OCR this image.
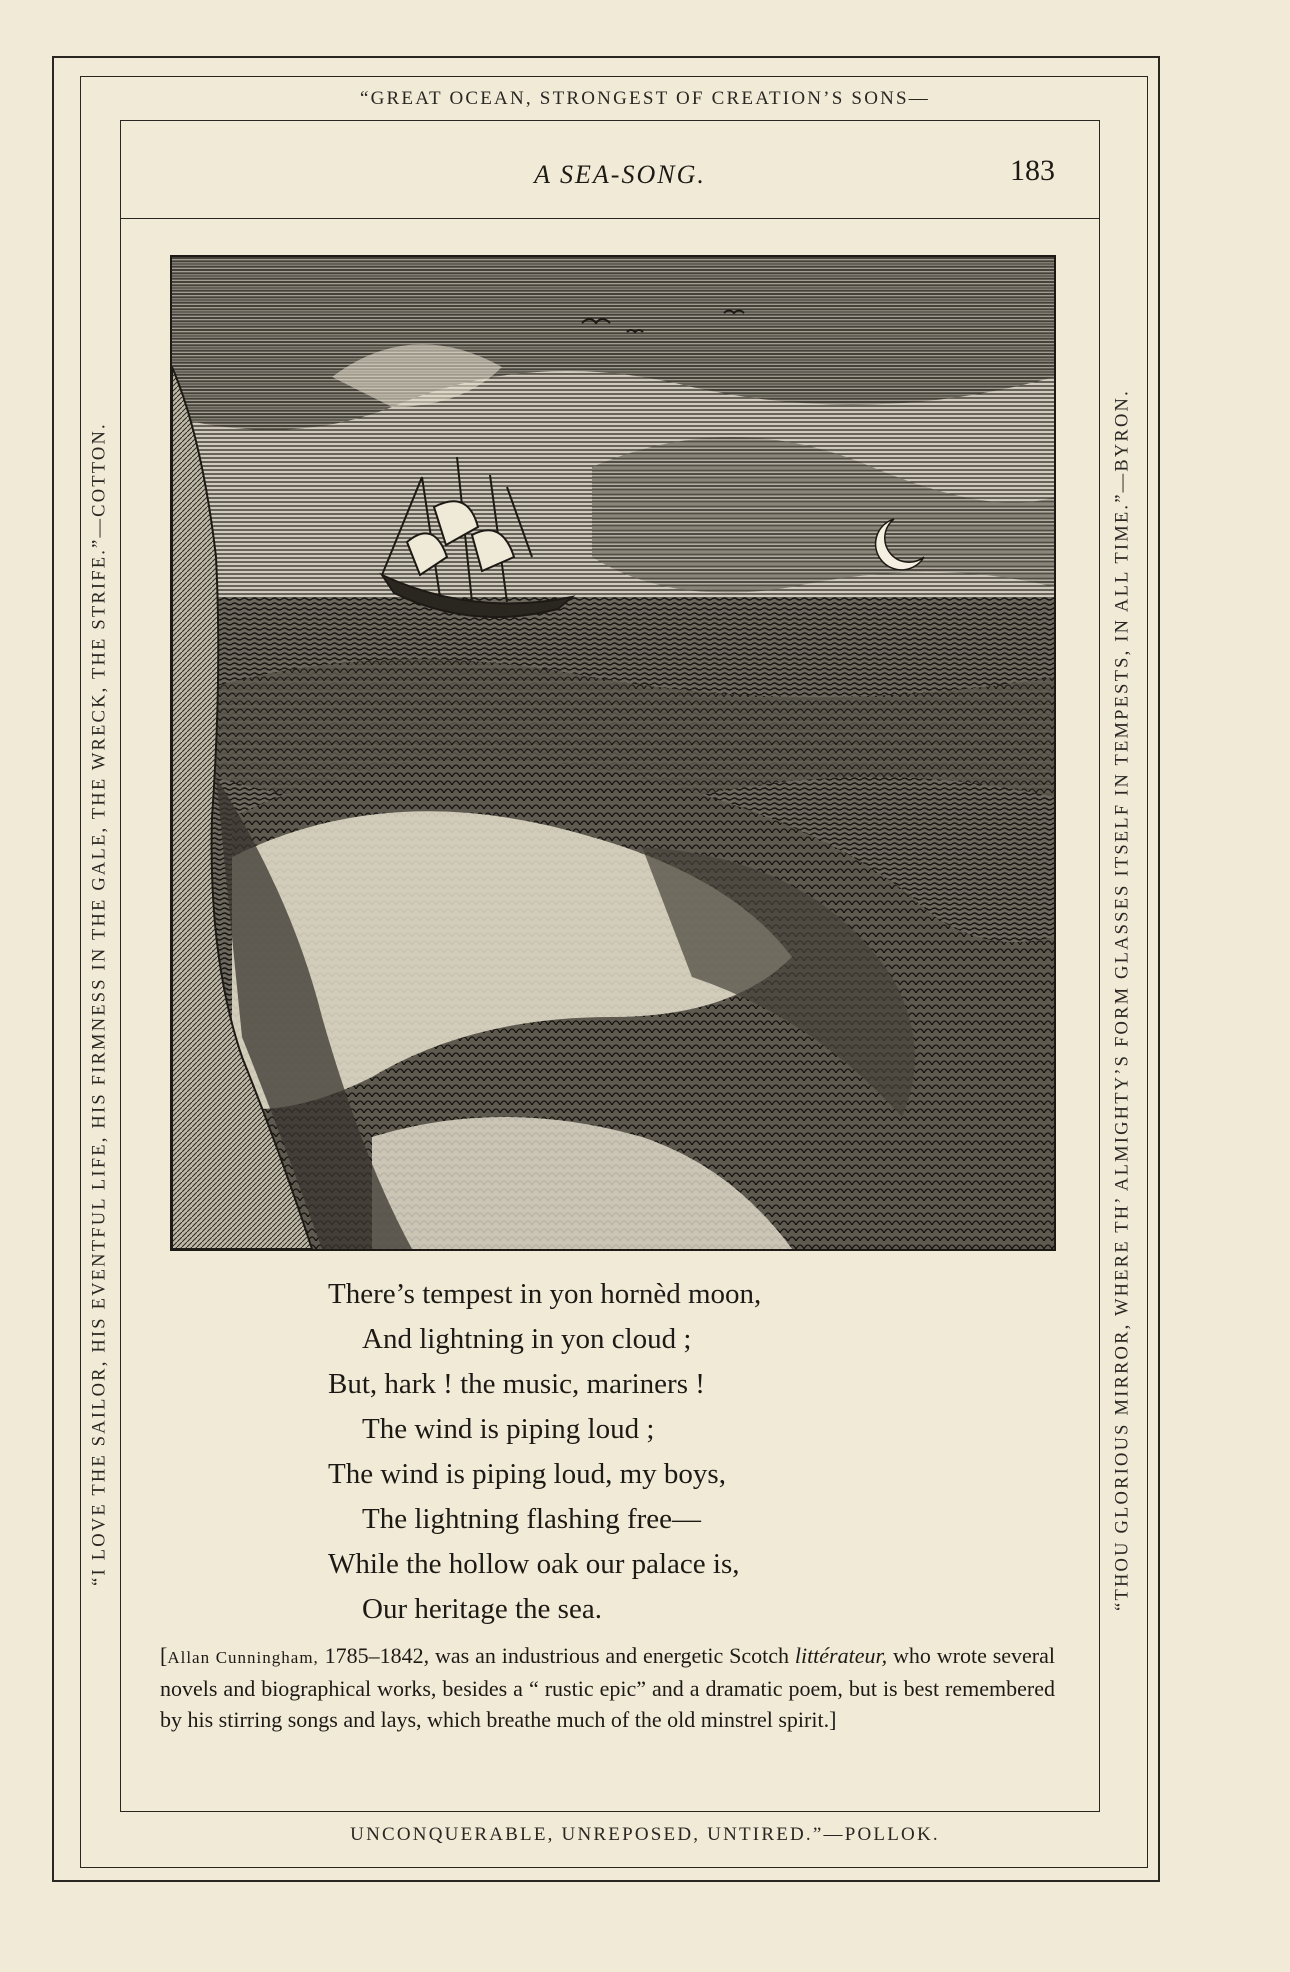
“GREAT OCEAN, STRONGEST OF CREATION’S SONS—
“THOU GLORIOUS MIRROR, WHERE TH’ ALMIGHTY’S FORM GLASSES ITSELF IN TEMPESTS, IN ALL TIME.”—BYRON.
UNCONQUERABLE, UNREPOSED, UNTIRED.”—POLLOK.
“I LOVE THE SAILOR, HIS EVENTFUL LIFE, HIS FIRMNESS IN THE GALE, THE WRECK, THE STRIFE.”—COTTON.
A SEA-SONG.	183
There’s tempest in yon hornèd moon,
And lightning in yon cloud ;
But, hark ! the music, mariners !
The wind is piping loud ;
The wind is piping loud, my boys,
The lightning flashing free—
While the hollow oak our palace is,
Our heritage the sea.

[Allan Cunningham, 1785–1842, was an industrious and energetic Scotch littérateur, who wrote several novels and biographical works, besides a “ rustic epic” and a dramatic poem, but is best remembered by his stirring songs and lays, which breathe much of the old minstrel spirit.]
